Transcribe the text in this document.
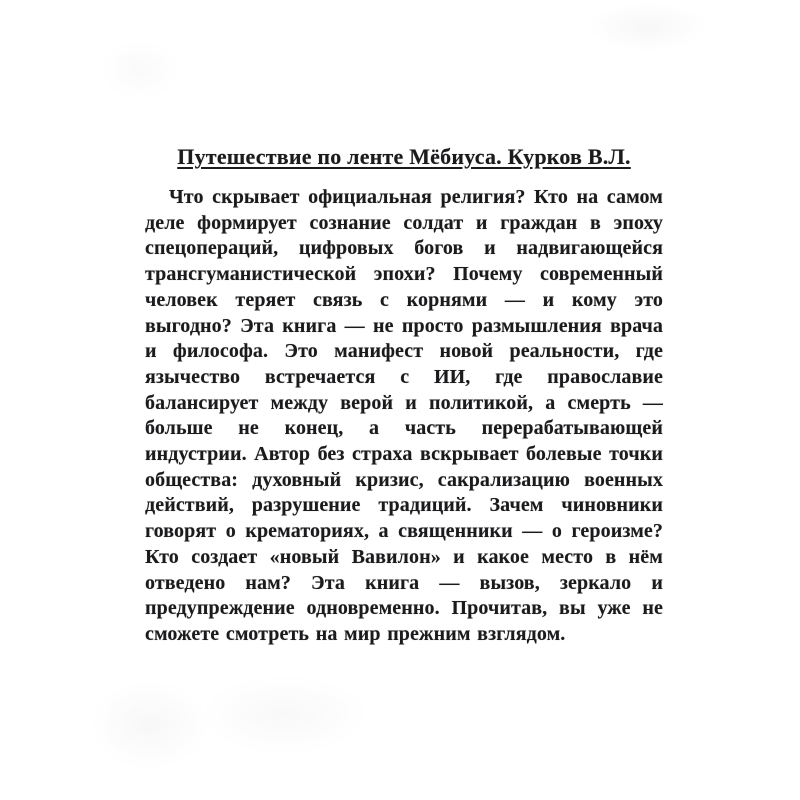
Путешествие по ленте Мёбиуса. Курков В.Л.

Что скрывает официальная религия? Кто на самом деле формирует сознание солдат и граждан в эпоху спецопераций, цифровых богов и надвигающейся трансгуманистической эпохи? Почему современный человек теряет связь с корнями — и кому это выгодно? Эта книга — не просто размышления врача и философа. Это манифест новой реальности, где язычество встречается с ИИ, где православие балансирует между верой и политикой, а смерть — больше не конец, а часть перерабатывающей индустрии. Автор без страха вскрывает болевые точки общества: духовный кризис, сакрализацию военных действий, разрушение традиций. Зачем чиновники говорят о крематориях, а священники — о героизме? Кто создает «новый Вавилон» и какое место в нём отведено нам? Эта книга — вызов, зеркало и предупреждение одновременно. Прочитав, вы уже не сможете смотреть на мир прежним взглядом.
